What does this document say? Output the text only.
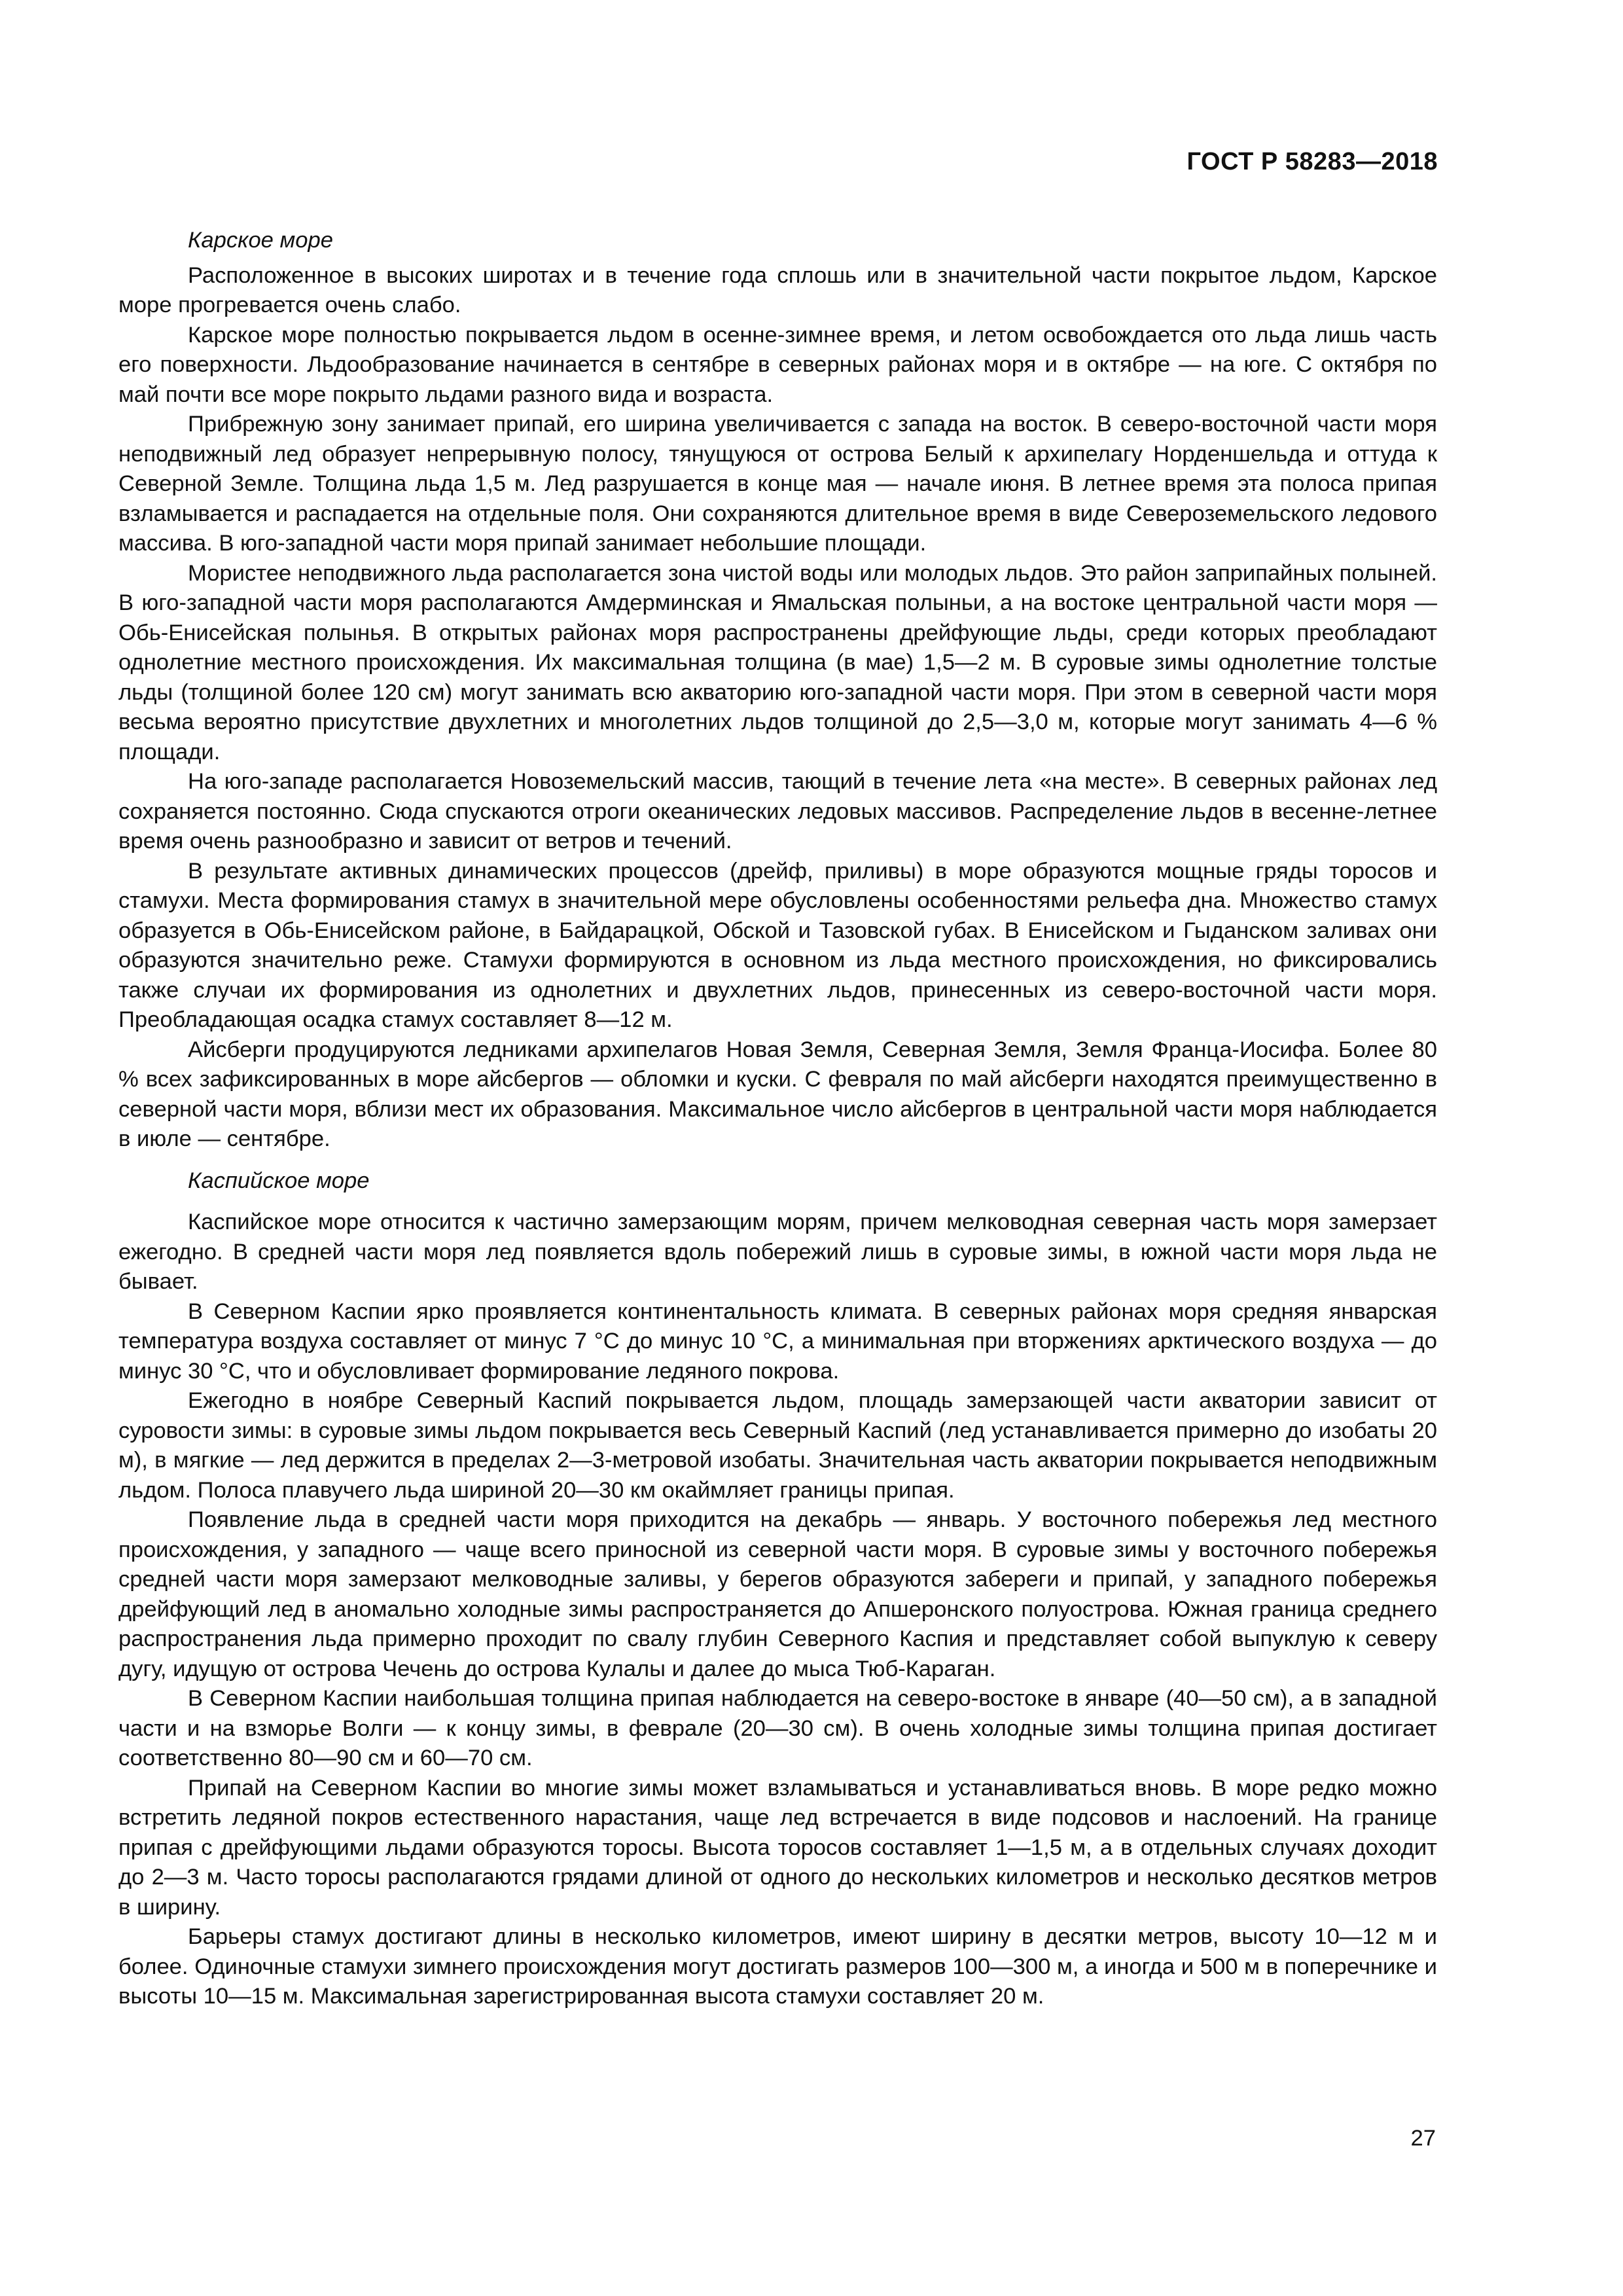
ГОСТ Р 58283—2018

Карское море

Расположенное в высоких широтах и в течение года сплошь или в значительной части покрытое льдом, Карское море прогревается очень слабо.

Карское море полностью покрывается льдом в осенне-зимнее время, и летом освобождается ото льда лишь часть его поверхности. Льдообразование начинается в сентябре в северных районах моря и в октябре — на юге. С октября по май почти все море покрыто льдами разного вида и возраста.

Прибрежную зону занимает припай, его ширина увеличивается с запада на восток. В северо-восточной части моря неподвижный лед образует непрерывную полосу, тянущуюся от острова Белый к архипелагу Норденшельда и оттуда к Северной Земле. Толщина льда 1,5 м. Лед разрушается в конце мая — начале июня. В летнее время эта полоса припая взламывается и распадается на отдельные поля. Они сохраняются длительное время в виде Североземельского ледового массива. В юго-западной части моря припай занимает небольшие площади.

Мористее неподвижного льда располагается зона чистой воды или молодых льдов. Это район заприпайных полыней. В юго-западной части моря располагаются Амдерминская и Ямальская полыньи, а на востоке центральной части моря — Обь-Енисейская полынья. В открытых районах моря распространены дрейфующие льды, среди которых преобладают однолетние местного происхождения. Их максимальная толщина (в мае) 1,5—2 м. В суровые зимы однолетние толстые льды (толщиной более 120 см) могут занимать всю акваторию юго-западной части моря. При этом в северной части моря весьма вероятно присутствие двухлетних и многолетних льдов толщиной до 2,5—3,0 м, которые могут занимать 4—6 % площади.

На юго-западе располагается Новоземельский массив, тающий в течение лета «на месте». В северных районах лед сохраняется постоянно. Сюда спускаются отроги океанических ледовых массивов. Распределение льдов в весенне-летнее время очень разнообразно и зависит от ветров и течений.

В результате активных динамических процессов (дрейф, приливы) в море образуются мощные гряды торосов и стамухи. Места формирования стамух в значительной мере обусловлены особенностями рельефа дна. Множество стамух образуется в Обь-Енисейском районе, в Байдарацкой, Обской и Тазовской губах. В Енисейском и Гыданском заливах они образуются значительно реже. Стамухи формируются в основном из льда местного происхождения, но фиксировались также случаи их формирования из однолетних и двухлетних льдов, принесенных из северо-восточной части моря. Преобладающая осадка стамух составляет 8—12 м.

Айсберги продуцируются ледниками архипелагов Новая Земля, Северная Земля, Земля Франца-Иосифа. Более 80 % всех зафиксированных в море айсбергов — обломки и куски. С февраля по май айсберги находятся преимущественно в северной части моря, вблизи мест их образования. Максимальное число айсбергов в центральной части моря наблюдается в июле — сентябре.

Каспийское море

Каспийское море относится к частично замерзающим морям, причем мелководная северная часть моря замерзает ежегодно. В средней части моря лед появляется вдоль побережий лишь в суровые зимы, в южной части моря льда не бывает.

В Северном Каспии ярко проявляется континентальность климата. В северных районах моря средняя январская температура воздуха составляет от минус 7 °C до минус 10 °C, а минимальная при вторжениях арктического воздуха — до минус 30 °C, что и обусловливает формирование ледяного покрова.

Ежегодно в ноябре Северный Каспий покрывается льдом, площадь замерзающей части акватории зависит от суровости зимы: в суровые зимы льдом покрывается весь Северный Каспий (лед устанавливается примерно до изобаты 20 м), в мягкие — лед держится в пределах 2—3-метровой изобаты. Значительная часть акватории покрывается неподвижным льдом. Полоса плавучего льда шириной 20—30 км окаймляет границы припая.

Появление льда в средней части моря приходится на декабрь — январь. У восточного побережья лед местного происхождения, у западного — чаще всего приносной из северной части моря. В суровые зимы у восточного побережья средней части моря замерзают мелководные заливы, у берегов образуются забереги и припай, у западного побережья дрейфующий лед в аномально холодные зимы распространяется до Апшеронского полуострова. Южная граница среднего распространения льда примерно проходит по свалу глубин Северного Каспия и представляет собой выпуклую к северу дугу, идущую от острова Чечень до острова Кулалы и далее до мыса Тюб-Караган.

В Северном Каспии наибольшая толщина припая наблюдается на северо-востоке в январе (40—50 см), а в западной части и на взморье Волги — к концу зимы, в феврале (20—30 см). В очень холодные зимы толщина припая достигает соответственно 80—90 см и 60—70 см.

Припай на Северном Каспии во многие зимы может взламываться и устанавливаться вновь. В море редко можно встретить ледяной покров естественного нарастания, чаще лед встречается в виде подсовов и наслоений. На границе припая с дрейфующими льдами образуются торосы. Высота торосов составляет 1—1,5 м, а в отдельных случаях доходит до 2—3 м. Часто торосы располагаются грядами длиной от одного до нескольких километров и несколько десятков метров в ширину.

Барьеры стамух достигают длины в несколько километров, имеют ширину в десятки метров, высоту 10—12 м и более. Одиночные стамухи зимнего происхождения могут достигать размеров 100—300 м, а иногда и 500 м в поперечнике и высоты 10—15 м. Максимальная зарегистрированная высота стамухи составляет 20 м.

27
